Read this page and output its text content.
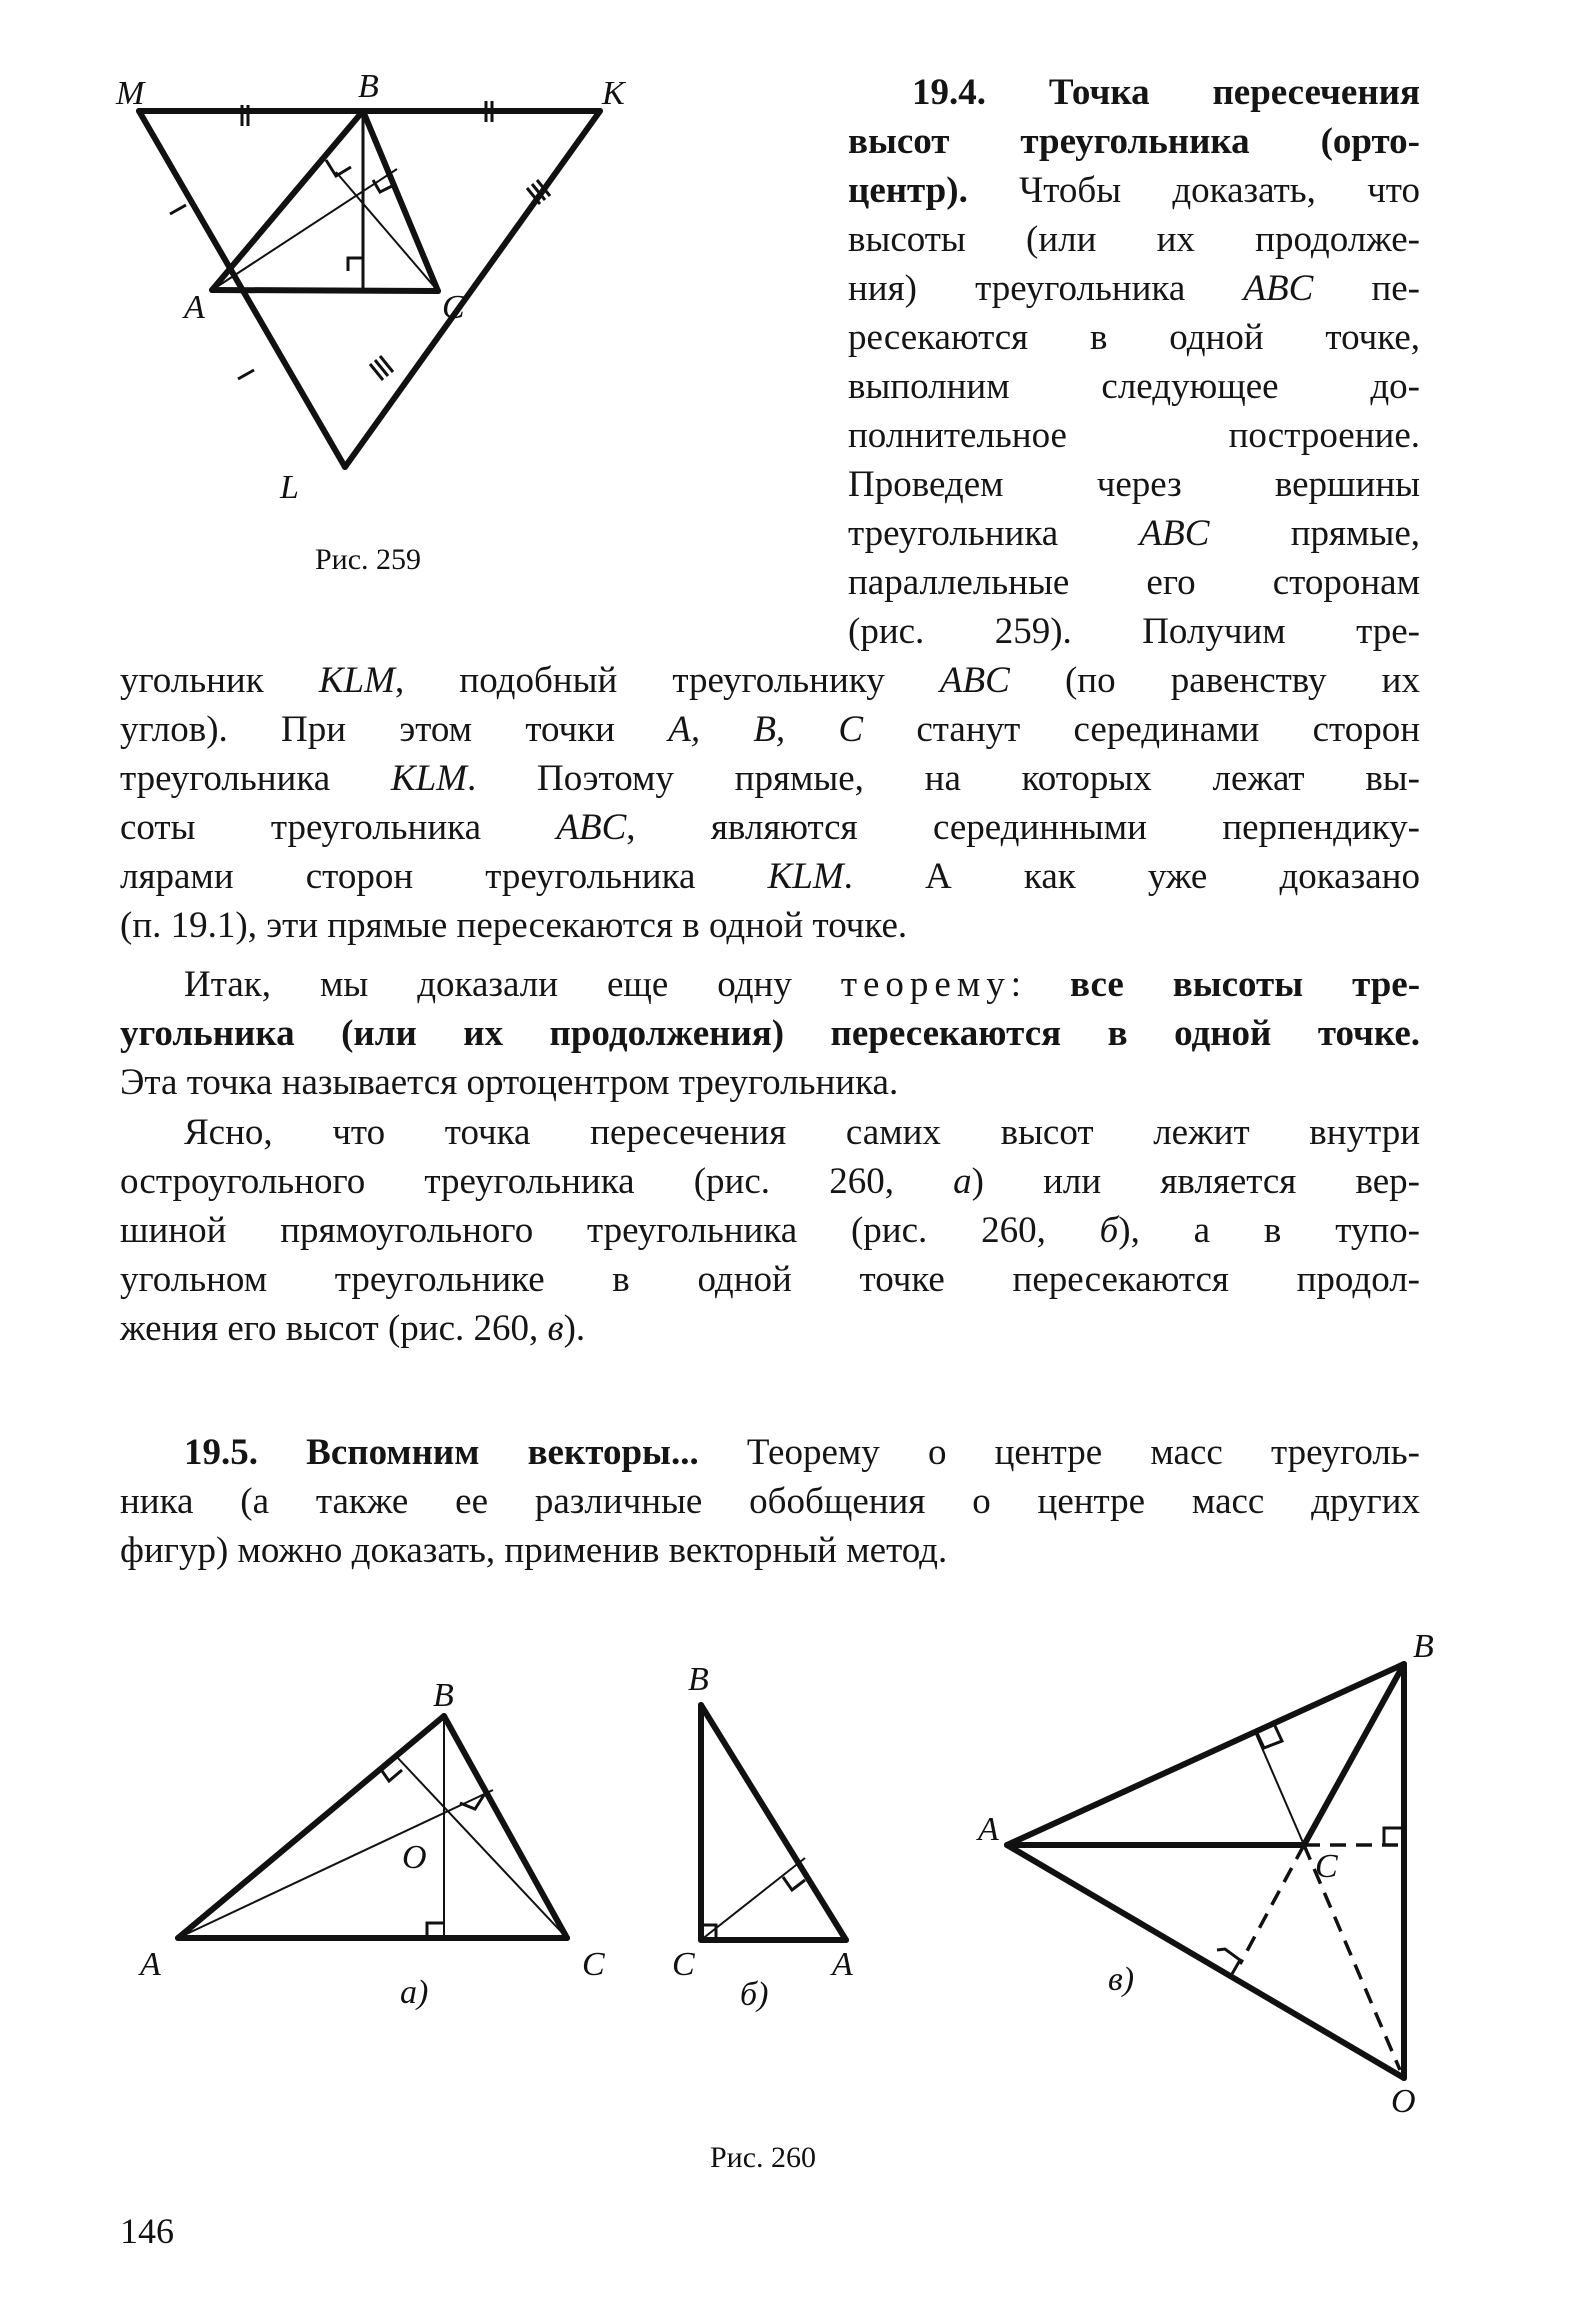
M	B	K
A	C
L
Рис. 259
19.4. Точка пересечения
высот треугольника (орто-
центр). Чтобы доказать, что
высоты (или их продолже-
ния) треугольника ABC пе-
ресекаются в одной точке,
выполним следующее до-
полнительное построение.
Проведем через вершины
треугольника ABC прямые,
параллельные его сторонам
(рис. 259). Получим тре-
угольник KLM, подобный треугольнику ABC (по равенству их
углов). При этом точки A, B, C станут серединами сторон
треугольника KLM. Поэтому прямые, на которых лежат вы-
соты треугольника ABC, являются серединными перпендику-
лярами сторон треугольника KLM. А как уже доказано
(п. 19.1), эти прямые пересекаются в одной точке.
Итак, мы доказали еще одну теорему: все высоты тре-
угольника (или их продолжения) пересекаются в одной точке.
Эта точка называется ортоцентром треугольника.
Ясно, что точка пересечения самих высот лежит внутри
остроугольного треугольника (рис. 260, а) или является вер-
шиной прямоугольного треугольника (рис. 260, б), а в тупо-
угольном треугольнике в одной точке пересекаются продол-
жения его высот (рис. 260, в).
19.5. Вспомним векторы... Теорему о центре масс треуголь-
ника (а также ее различные обобщения о центре масс других
фигур) можно доказать, применив векторный метод.
B
O
A	C
а)
B
C	A
б)
B
A
C
O
в)
Рис. 260
146
